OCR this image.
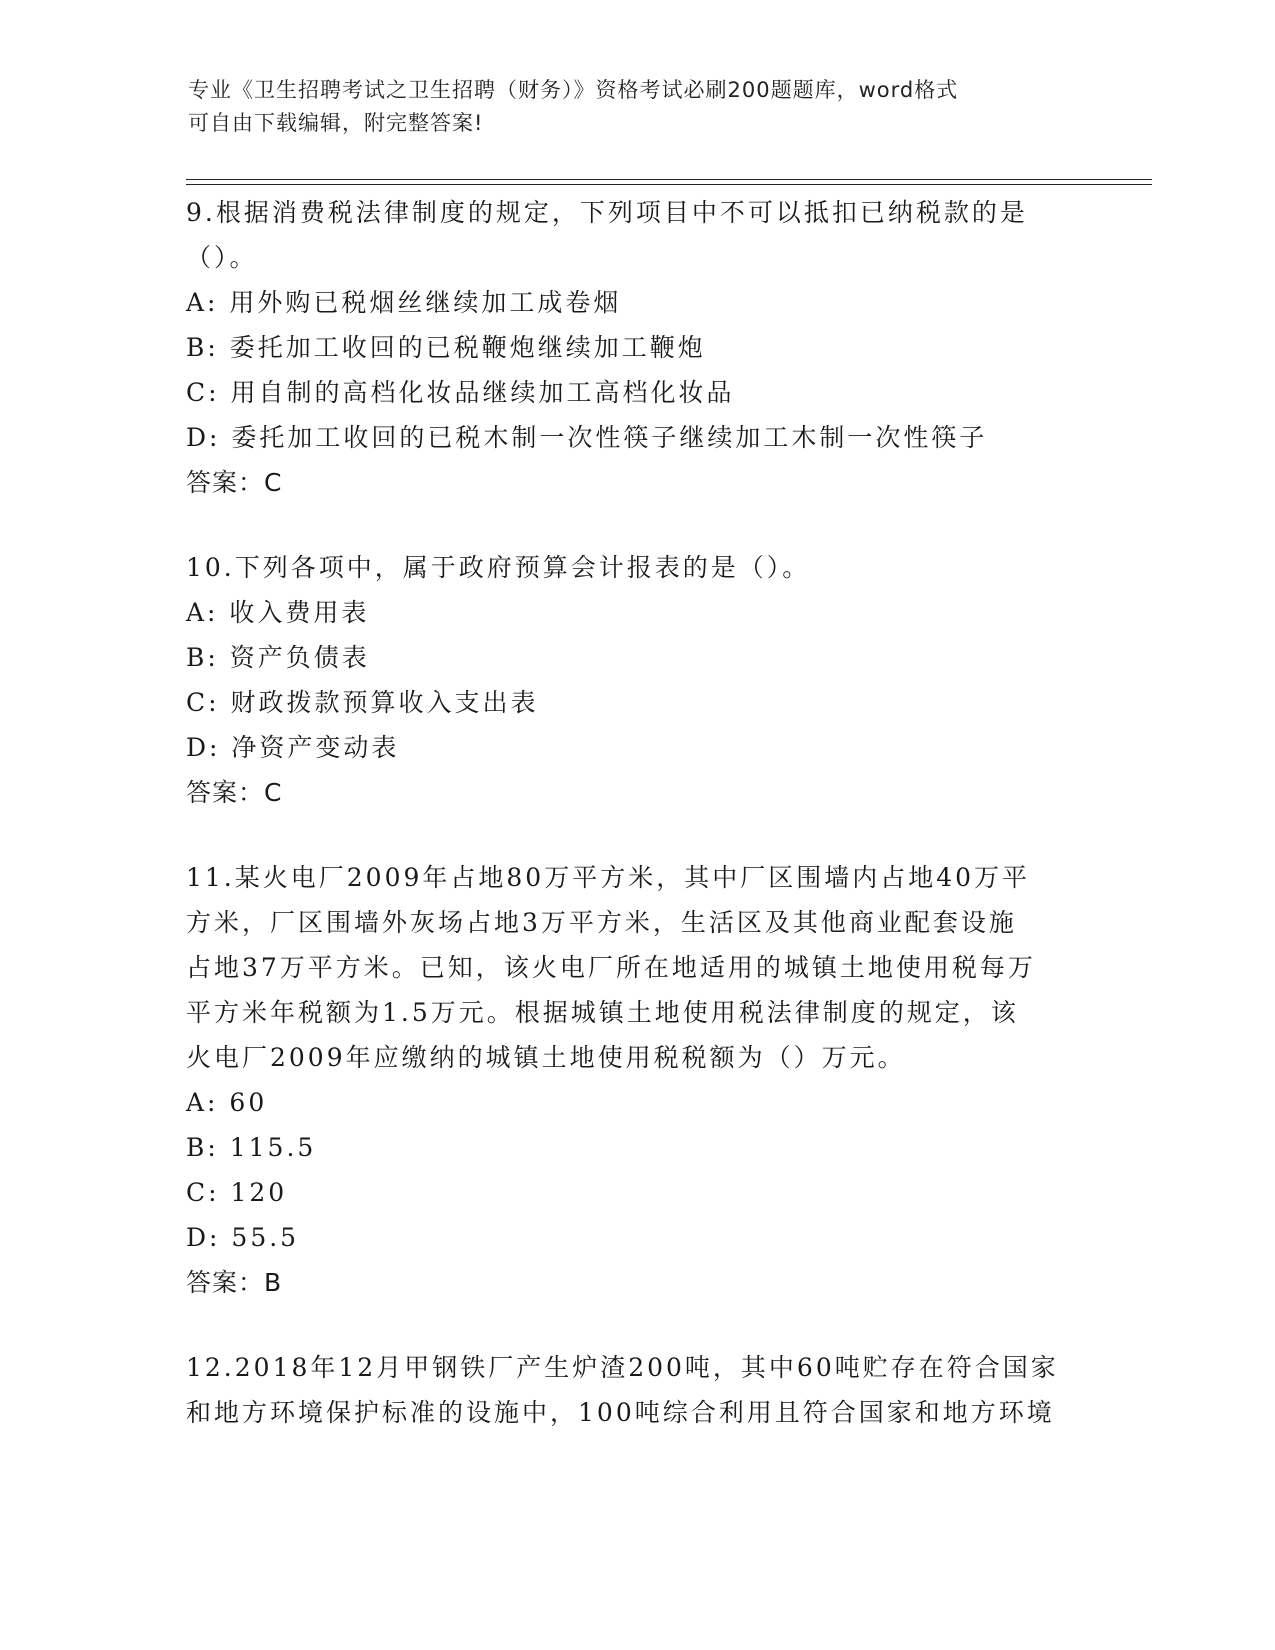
专业《卫生招聘考试之卫生招聘（财务）》资格考试必刷200题题库，word格式
可自由下载编辑，附完整答案!

9.根据消费税法律制度的规定，下列项目中不可以抵扣已纳税款的是

（）。

A: 用外购已税烟丝继续加工成卷烟

B: 委托加工收回的已税鞭炮继续加工鞭炮

C: 用自制的高档化妆品继续加工高档化妆品

D: 委托加工收回的已税木制一次性筷子继续加工木制一次性筷子

答案：C

10.下列各项中，属于政府预算会计报表的是（）。

A: 收入费用表

B: 资产负债表

C: 财政拨款预算收入支出表

D: 净资产变动表

答案：C

11.某火电厂2009年占地80万平方米，其中厂区围墙内占地40万平

方米，厂区围墙外灰场占地3万平方米，生活区及其他商业配套设施

占地37万平方米。已知，该火电厂所在地适用的城镇土地使用税每万

平方米年税额为1.5万元。根据城镇土地使用税法律制度的规定，该

火电厂2009年应缴纳的城镇土地使用税税额为（）万元。

A: 60

B: 115.5

C: 120

D: 55.5

答案：B

12.2018年12月甲钢铁厂产生炉渣200吨，其中60吨贮存在符合国家

和地方环境保护标准的设施中，100吨综合利用且符合国家和地方环境
